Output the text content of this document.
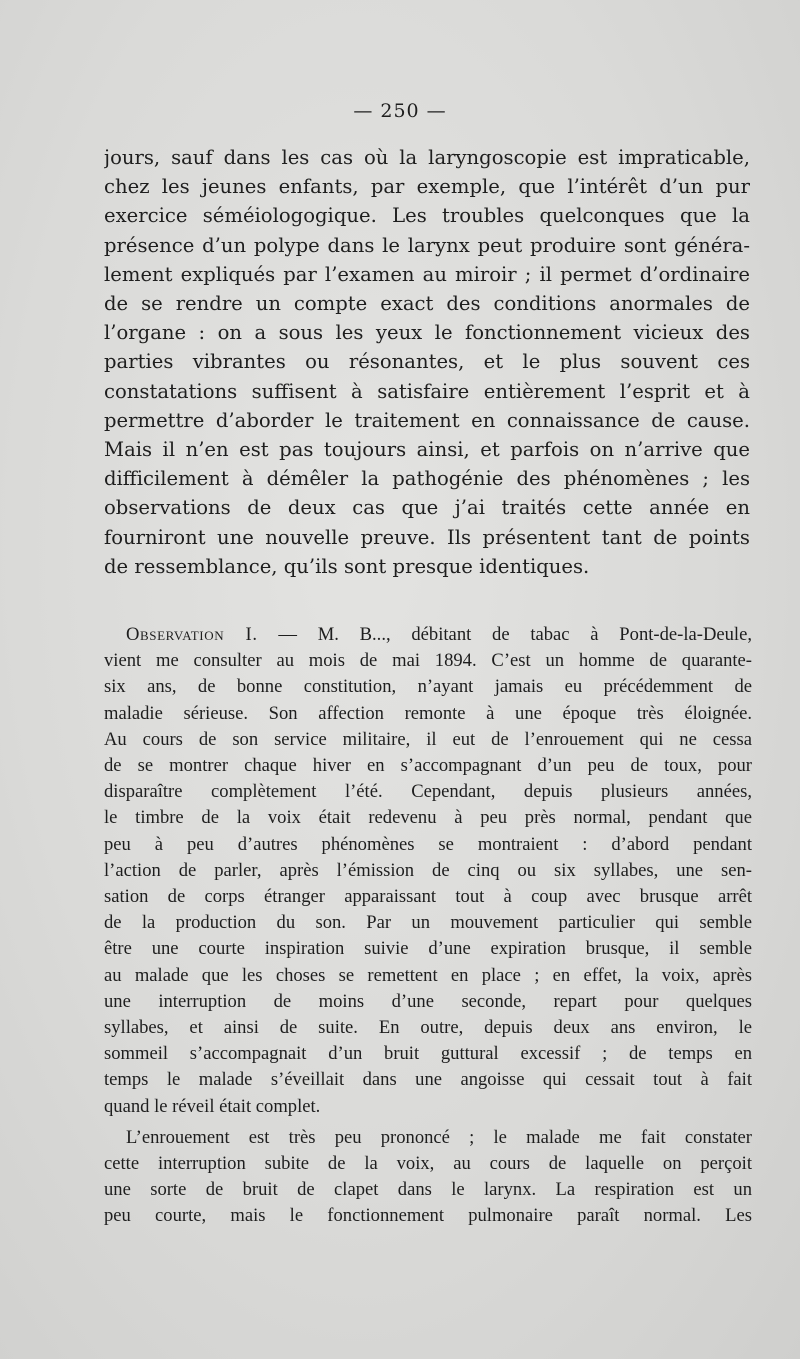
— 250 —
jours, sauf dans les cas où la laryngoscopie est impraticable,
chez les jeunes enfants, par exemple, que l’intérêt d’un pur
exercice séméiologogique. Les troubles quelconques que la
présence d’un polype dans le larynx peut produire sont généra-
lement expliqués par l’examen au miroir ; il permet d’ordinaire
de se rendre un compte exact des conditions anormales de
l’organe : on a sous les yeux le fonctionnement vicieux des
parties vibrantes ou résonantes, et le plus souvent ces
constatations suffisent à satisfaire entièrement l’esprit et à
permettre d’aborder le traitement en connaissance de cause.
Mais il n’en est pas toujours ainsi, et parfois on n’arrive que
difficilement à démêler la pathogénie des phénomènes ; les
observations de deux cas que j’ai traités cette année en
fourniront une nouvelle preuve. Ils présentent tant de points
de ressemblance, qu’ils sont presque identiques.
Observation I. — M. B..., débitant de tabac à Pont-de-la-Deule,
vient me consulter au mois de mai 1894. C’est un homme de quarante-
six ans, de bonne constitution, n’ayant jamais eu précédemment de
maladie sérieuse. Son affection remonte à une époque très éloignée.
Au cours de son service militaire, il eut de l’enrouement qui ne cessa
de se montrer chaque hiver en s’accompagnant d’un peu de toux, pour
disparaître complètement l’été. Cependant, depuis plusieurs années,
le timbre de la voix était redevenu à peu près normal, pendant que
peu à peu d’autres phénomènes se montraient : d’abord pendant
l’action de parler, après l’émission de cinq ou six syllabes, une sen-
sation de corps étranger apparaissant tout à coup avec brusque arrêt
de la production du son. Par un mouvement particulier qui semble
être une courte inspiration suivie d’une expiration brusque, il semble
au malade que les choses se remettent en place ; en effet, la voix, après
une interruption de moins d’une seconde, repart pour quelques
syllabes, et ainsi de suite. En outre, depuis deux ans environ, le
sommeil s’accompagnait d’un bruit guttural excessif ; de temps en
temps le malade s’éveillait dans une angoisse qui cessait tout à fait
quand le réveil était complet.
L’enrouement est très peu prononcé ; le malade me fait constater
cette interruption subite de la voix, au cours de laquelle on perçoit
une sorte de bruit de clapet dans le larynx. La respiration est un
peu courte, mais le fonctionnement pulmonaire paraît normal. Les
